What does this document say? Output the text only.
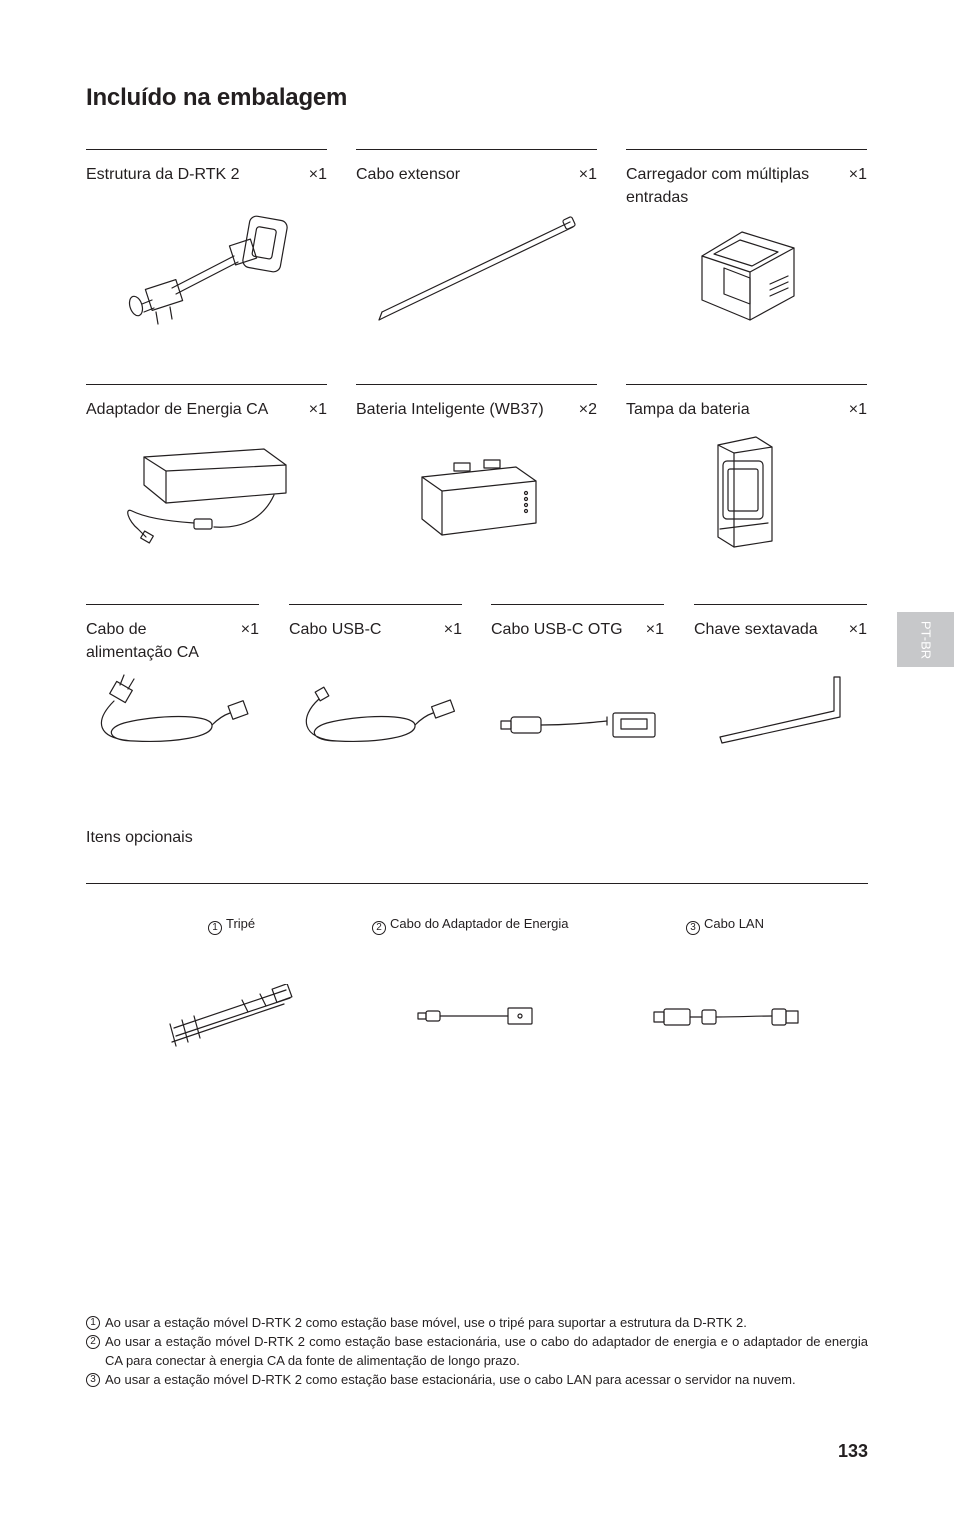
Incluído na embalagem
Estrutura da D-RTK 2	×1 Cabo extensor	×1 Carregador com múltiplas entradas
×1
Adaptador de Energia CA	×1 Bateria Inteligente (WB37)	×2 Tampa da bateria	×1
Cabo de alimentação CA
×1 Cabo USB-C	×1 Cabo USB-C OTG	×1 Chave sextavada	×1	PT-BR
Itens opcionais
1 Tripé	2 Cabo do Adaptador de Energia	3 Cabo LAN
1 Ao usar a estação móvel D-RTK 2 como estação base móvel, use o tripé para suportar a estrutura da D-RTK 2.
2 Ao usar a estação móvel D-RTK 2 como estação base estacionária, use o cabo do adaptador de energia e o adaptador de energia CA para conectar à energia CA da fonte de alimentação de longo prazo.
3 Ao usar a estação móvel D-RTK 2 como estação base estacionária, use o cabo LAN para acessar o servidor na nuvem.
133
